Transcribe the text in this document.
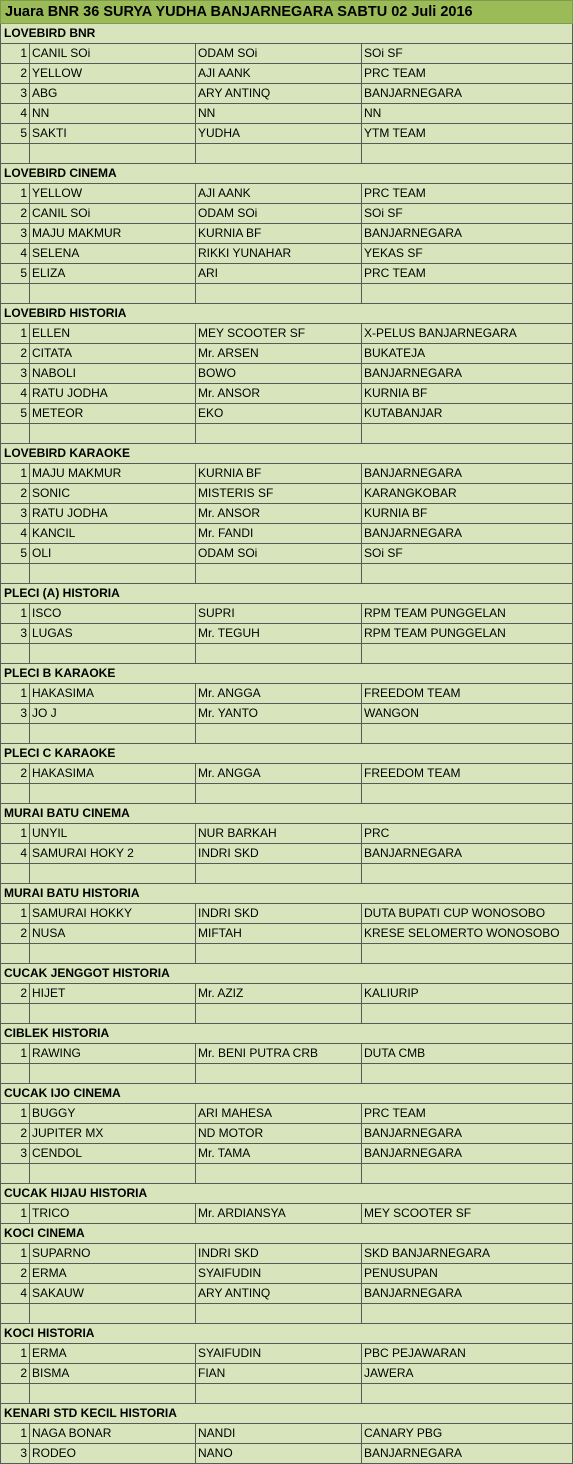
Juara BNR 36 SURYA YUDHA BANJARNEGARA SABTU 02 Juli 2016
LOVEBIRD BNR
1 CANIL SOi	ODAM SOi	SOi SF
2 YELLOW	AJI AANK	PRC TEAM
3 ABG	ARY ANTINQ	BANJARNEGARA
4 NN	NN	NN
5 SAKTI	YUDHA	YTM TEAM
LOVEBIRD CINEMA
1 YELLOW	AJI AANK	PRC TEAM
2 CANIL SOi	ODAM SOi	SOi SF
3 MAJU MAKMUR	KURNIA BF	BANJARNEGARA
4 SELENA	RIKKI YUNAHAR	YEKAS SF
5 ELIZA	ARI	PRC TEAM
LOVEBIRD HISTORIA
1 ELLEN	MEY SCOOTER SF	X-PELUS BANJARNEGARA
2 CITATA	Mr. ARSEN	BUKATEJA
3 NABOLI	BOWO	BANJARNEGARA
4 RATU JODHA	Mr. ANSOR	KURNIA BF
5 METEOR	EKO	KUTABANJAR
LOVEBIRD KARAOKE
1 MAJU MAKMUR	KURNIA BF	BANJARNEGARA
2 SONIC	MISTERIS SF	KARANGKOBAR
3 RATU JODHA	Mr. ANSOR	KURNIA BF
4 KANCIL	Mr. FANDI	BANJARNEGARA
5 OLI	ODAM SOi	SOi SF
PLECI (A) HISTORIA
1 ISCO	SUPRI	RPM TEAM PUNGGELAN
3 LUGAS	Mr. TEGUH	RPM TEAM PUNGGELAN
PLECI B KARAOKE
1 HAKASIMA	Mr. ANGGA	FREEDOM TEAM
3 JO J	Mr. YANTO	WANGON
PLECI C KARAOKE
2 HAKASIMA	Mr. ANGGA	FREEDOM TEAM
MURAI BATU CINEMA
1 UNYIL	NUR BARKAH	PRC
4 SAMURAI HOKY 2	INDRI SKD	BANJARNEGARA
MURAI BATU HISTORIA
1 SAMURAI HOKKY	INDRI SKD	DUTA BUPATI CUP WONOSOBO
2 NUSA	MIFTAH	KRESE SELOMERTO WONOSOBO
CUCAK JENGGOT HISTORIA
2 HIJET	Mr. AZIZ	KALIURIP
CIBLEK HISTORIA
1 RAWING	Mr. BENI PUTRA CRB	DUTA CMB
CUCAK IJO CINEMA
1 BUGGY	ARI MAHESA	PRC TEAM
2 JUPITER MX	ND MOTOR	BANJARNEGARA
3 CENDOL	Mr. TAMA	BANJARNEGARA
CUCAK HIJAU HISTORIA
1 TRICO	Mr. ARDIANSYA	MEY SCOOTER SF
KOCI CINEMA
1 SUPARNO	INDRI SKD	SKD BANJARNEGARA
2 ERMA	SYAIFUDIN	PENUSUPAN
4 SAKAUW	ARY ANTINQ	BANJARNEGARA
KOCI HISTORIA
1 ERMA	SYAIFUDIN	PBC PEJAWARAN
2 BISMA	FIAN	JAWERA
KENARI STD KECIL HISTORIA
1 NAGA BONAR	NANDI	CANARY PBG
3 RODEO	NANO	BANJARNEGARA
